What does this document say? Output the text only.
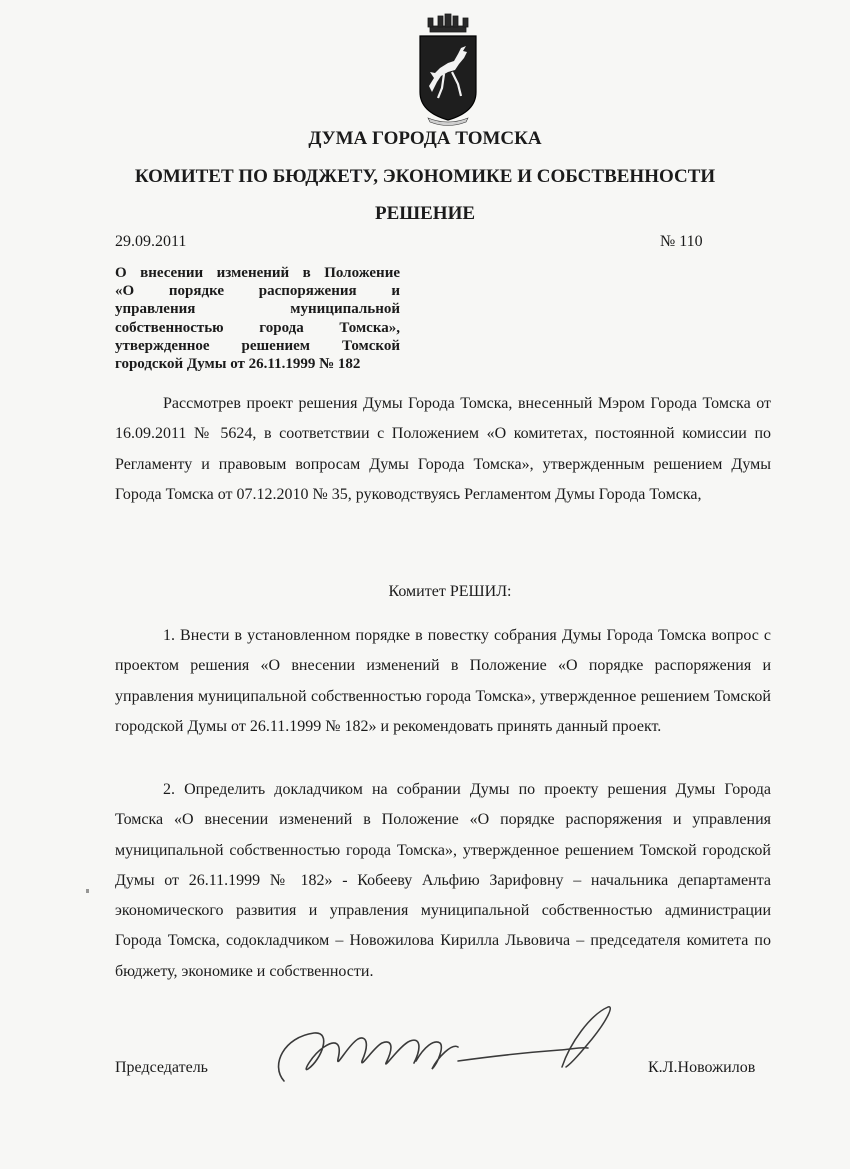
ДУМА ГОРОДА ТОМСКА
КОМИТЕТ ПО БЮДЖЕТУ, ЭКОНОМИКЕ И СОБСТВЕННОСТИ
РЕШЕНИЕ
29.09.2011	№ 110
О внесении изменений в Положение
«О порядке распоряжения и
управления муниципальной
собственностью города Томска»,
утвержденное решением Томской
городской Думы от 26.11.1999 № 182
Рассмотрев проект решения Думы Города Томска, внесенный Мэром Города Томска от 16.09.2011 № 5624, в соответствии с Положением «О комитетах, постоянной комиссии по Регламенту и правовым вопросам Думы Города Томска», утвержденным решением Думы Города Томска от 07.12.2010 № 35, руководствуясь Регламентом Думы Города Томска,
Комитет РЕШИЛ:
1. Внести в установленном порядке в повестку собрания Думы Города Томска вопрос с проектом решения «О внесении изменений в Положение «О порядке распоряжения и управления муниципальной собственностью города Томска», утвержденное решением Томской городской Думы от 26.11.1999 № 182» и рекомендовать принять данный проект.
2. Определить докладчиком на собрании Думы по проекту решения Думы Города Томска «О внесении изменений в Положение «О порядке распоряжения и управления муниципальной собственностью города Томска», утвержденное решением Томской городской Думы от 26.11.1999 № 182» - Кобееву Альфию Зарифовну – начальника департамента экономического развития и управления муниципальной собственностью администрации Города Томска, содокладчиком – Новожилова Кирилла Львовича – председателя комитета по бюджету, экономике и собственности.
Председатель	К.Л.Новожилов
